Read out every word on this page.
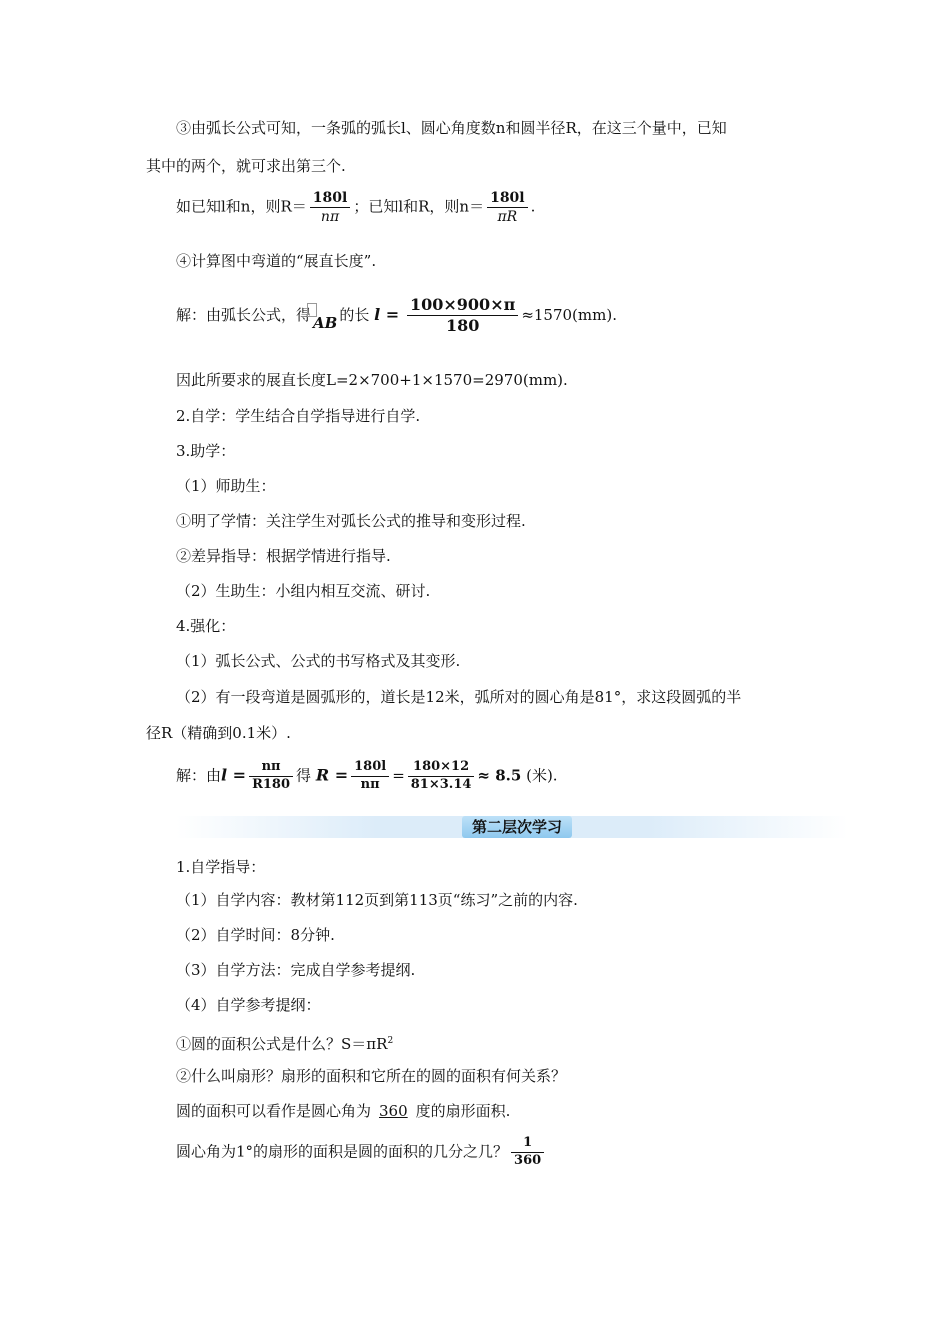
③由弧长公式可知，一条弧的弧长l、圆心角度数n和圆半径R，在这三个量中，已知
其中的两个，就可求出第三个.
如已知l和n，则$R= \frac{180l}{n\pi}$ ；已知l和R，则$n= \frac{180l}{\pi R}$ .
④计算图中弯道的“展直长度”.
解：由弧长公式，得 AB 的长 $l = \frac{100\times 900\times\pi}{180} \approx 1570(mm)$.
因此所要求的展直长度L=2×700+1×1570=2970(mm).
2.自学：学生结合自学指导进行自学.
3.助学：
（1）师助生：
①明了学情：关注学生对弧长公式的推导和变形过程.
②差异指导：根据学情进行指导.
（2）生助生：小组内相互交流、研讨.
4.强化：
（1）弧长公式、公式的书写格式及其变形.
（2）有一段弯道是圆弧形的，道长是12米，弧所对的圆心角是81°，求这段圆弧的半
径R（精确到0.1米）.
解：由$l = \frac{n\pi}{R180}$ 得 $R = \frac{180l}{n\pi} = \frac{180\times 12}{81\times 3.14} \approx 8.5$ (米).
第二层次学习
1.自学指导：
（1）自学内容：教材第112页到第113页“练习”之前的内容.
（2）自学时间：8分钟.
（3）自学方法：完成自学参考提纲.
（4）自学参考提纲：
①圆的面积公式是什么？$S=\pi R^2$
②什么叫扇形？扇形的面积和它所在的圆的面积有何关系？
圆的面积可以看作是圆心角为 360 度的扇形面积.
圆心角为1°的扇形的面积是圆的面积的几分之几？ $\frac{1}{360}$
